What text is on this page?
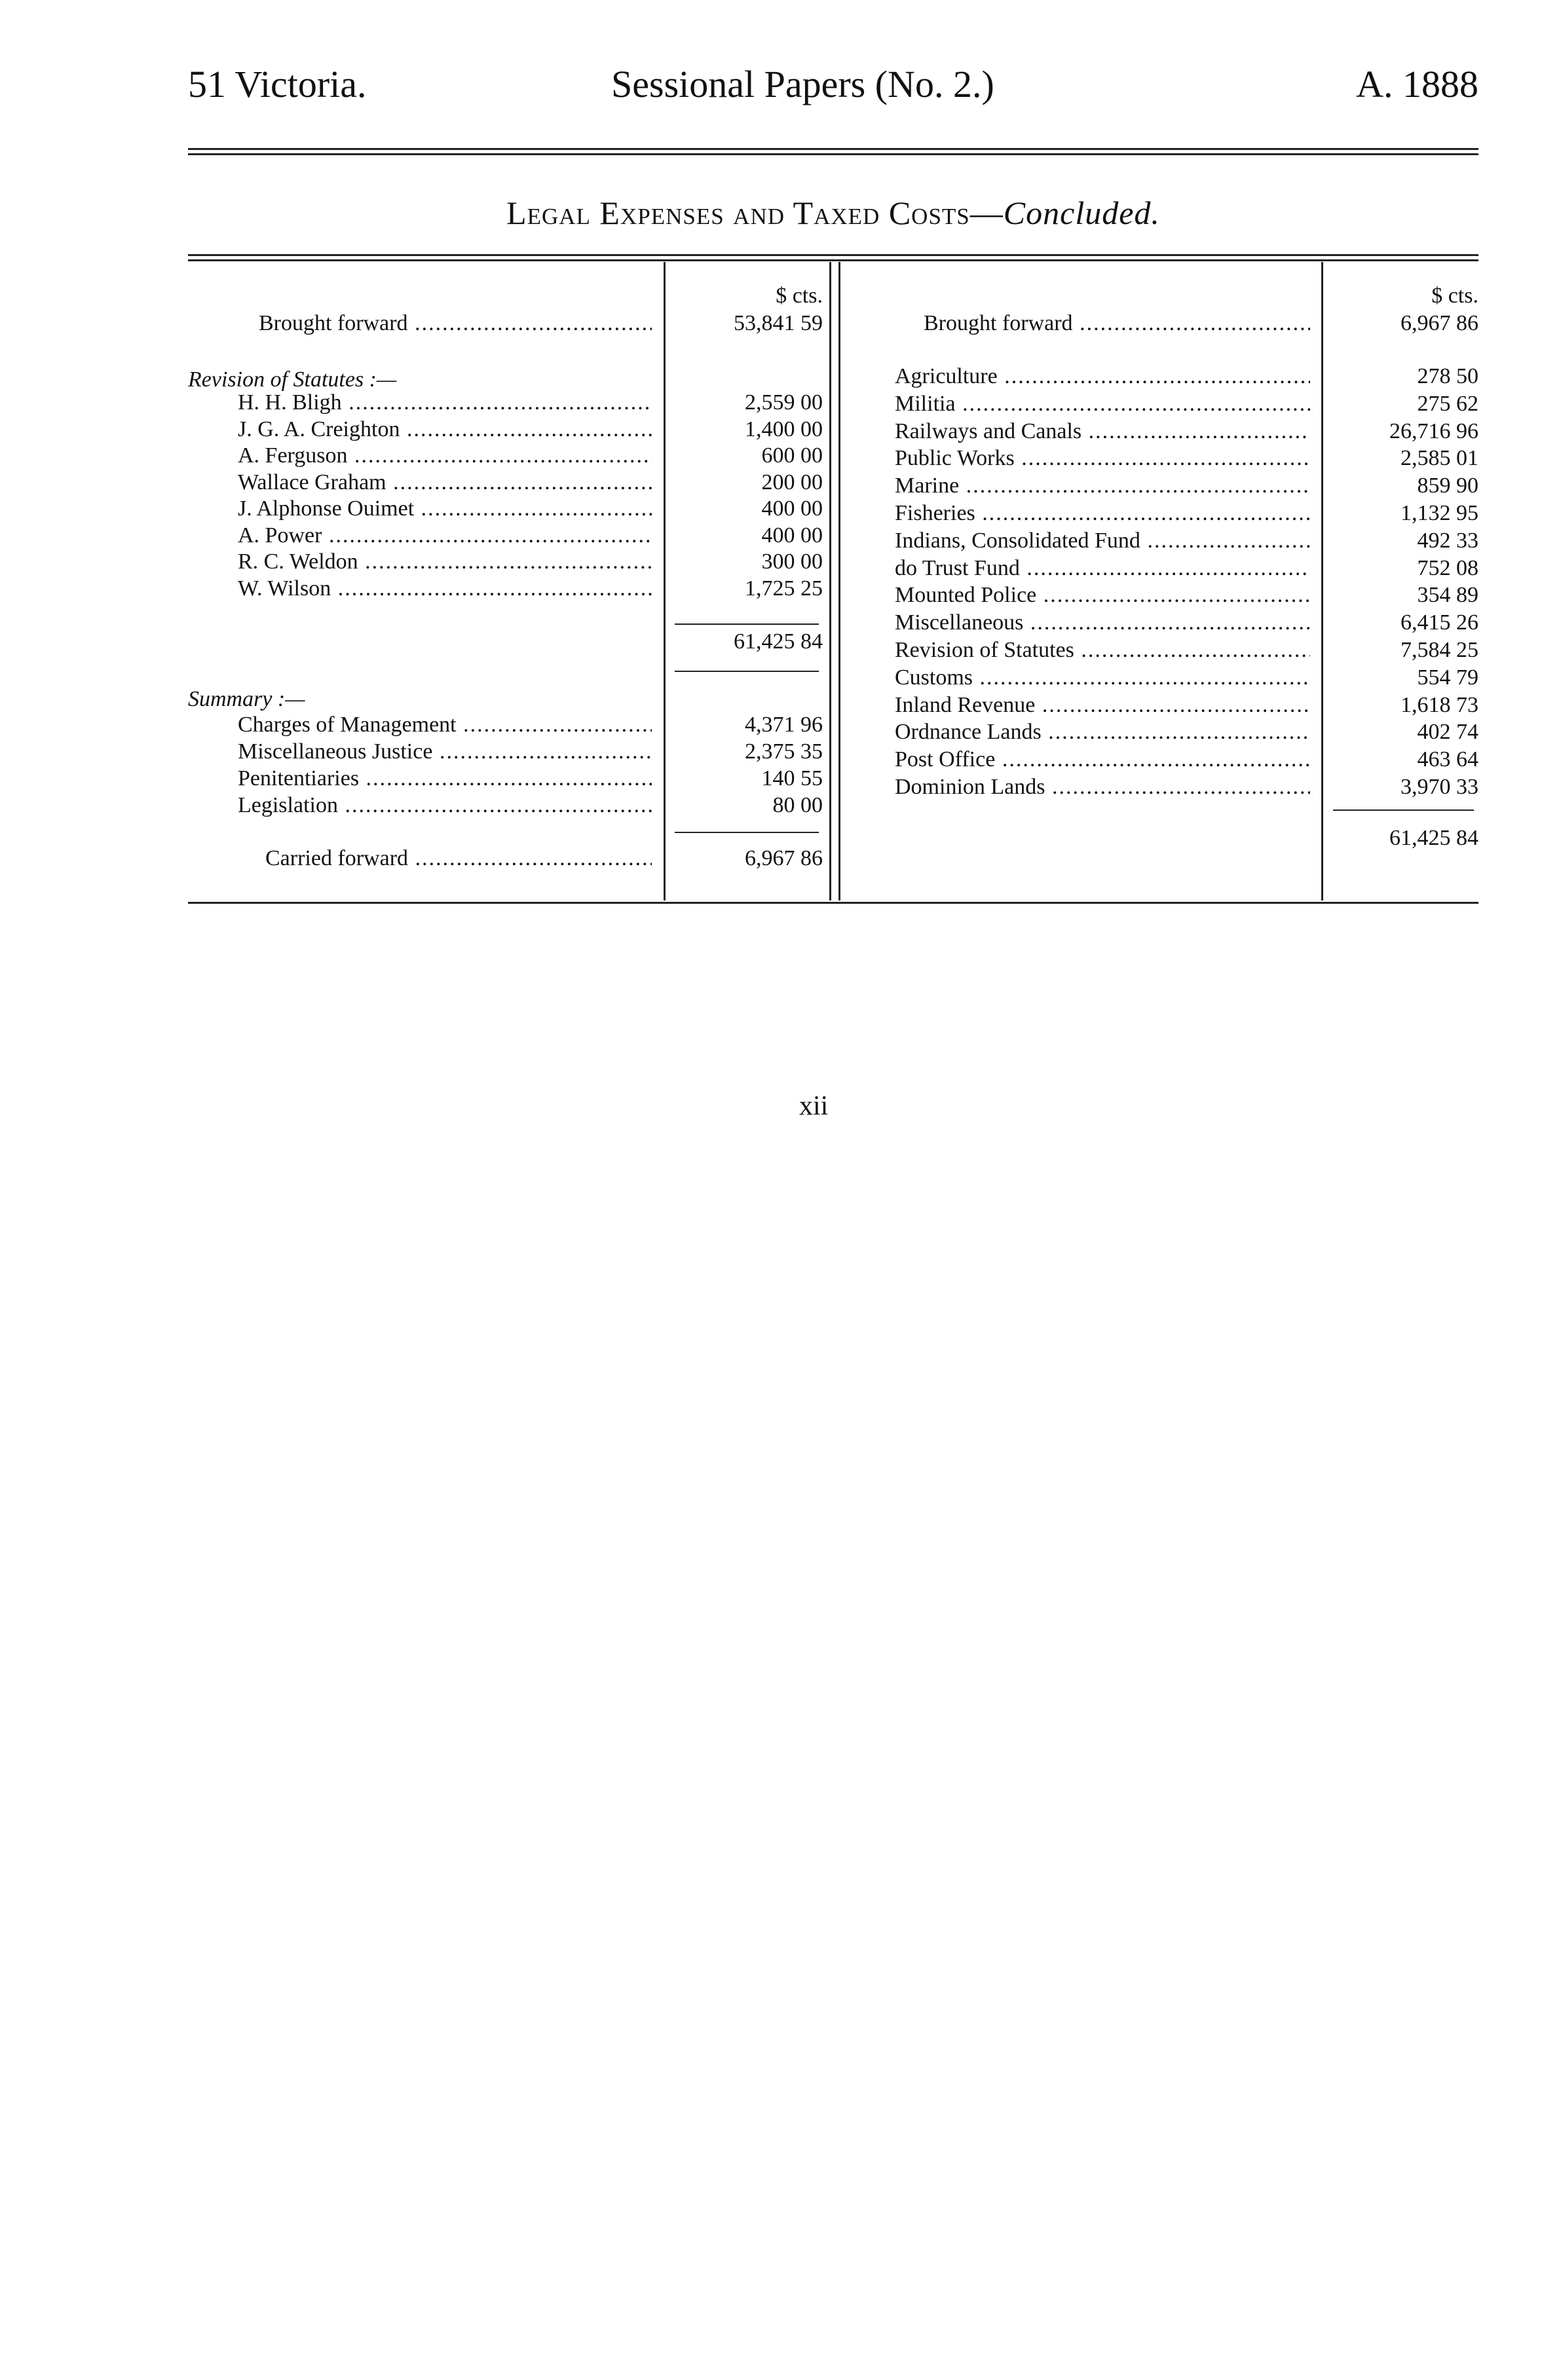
51 Victoria.	Sessional Papers (No. 2.)	A. 1888
Legal Expenses and Taxed Costs—Concluded.
$ cts.
Brought forward .....	53,841 59
Revision of Statutes :—
H. H. Bligh .....	2,559 00
J. G. A. Creighton .....	1,400 00
A. Ferguson .....	600 00
Wallace Graham .....	200 00
J. Alphonse Ouimet .....	400 00
A. Power .....	400 00
R. C. Weldon .....	300 00
W. Wilson .....	1,725 25
61,425 84
Summary :—
Charges of Management .....	4,371 96
Miscellaneous Justice .....	2,375 35
Penitentiaries .....	140 55
Legislation .....	80 00
Carried forward .....	6,967 86
$ cts.
Brought forward .....	6,967 86
Agriculture .....	278 50
Militia .....	275 62
Railways and Canals .....	26,716 96
Public Works .....	2,585 01
Marine .....	859 90
Fisheries .....	1,132 95
Indians, Consolidated Fund .....	492 33
do Trust Fund .....	752 08
Mounted Police .....	354 89
Miscellaneous .....	6,415 26
Revision of Statutes .....	7,584 25
Customs .....	554 79
Inland Revenue .....	1,618 73
Ordnance Lands .....	402 74
Post Office .....	463 64
Dominion Lands .....	3,970 33
61,425 84
xii
